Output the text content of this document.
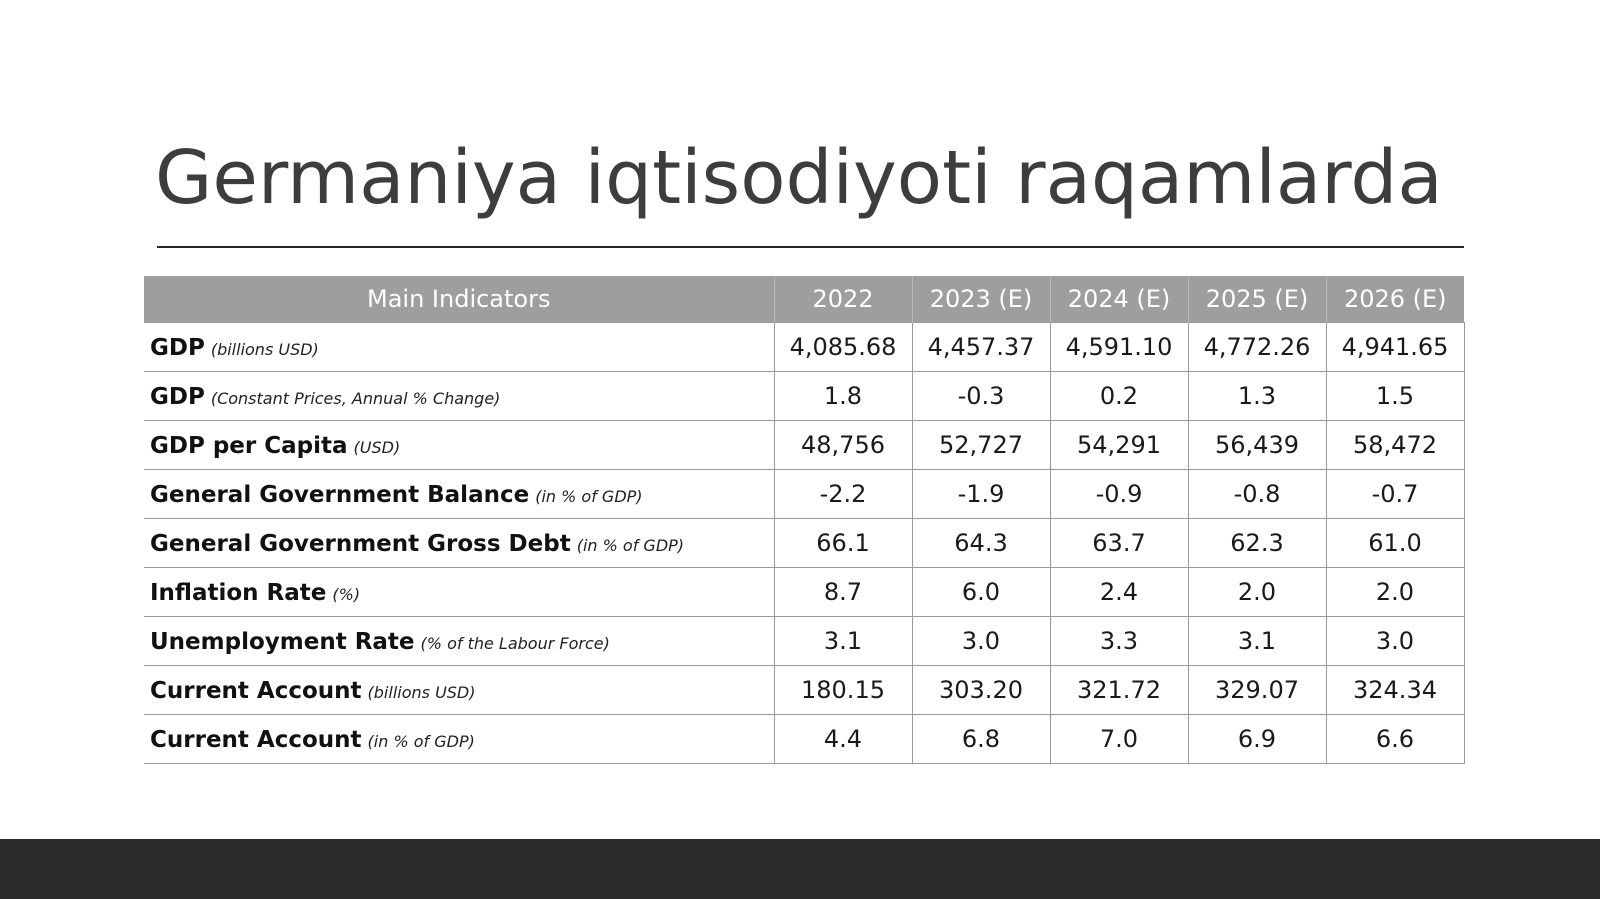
Germaniya iqtisodiyoti raqamlarda
Main Indicators	2022	2023 (E)	2024 (E)	2025 (E)	2026 (E)
GDP (billions USD)	4,085.68	4,457.37	4,591.10	4,772.26	4,941.65
GDP (Constant Prices, Annual % Change)	1.8	-0.3	0.2	1.3	1.5
GDP per Capita (USD)	48,756	52,727	54,291	56,439	58,472
General Government Balance (in % of GDP)	-2.2	-1.9	-0.9	-0.8	-0.7
General Government Gross Debt (in % of GDP)	66.1	64.3	63.7	62.3	61.0
Inflation Rate (%)	8.7	6.0	2.4	2.0	2.0
Unemployment Rate (% of the Labour Force)	3.1	3.0	3.3	3.1	3.0
Current Account (billions USD)	180.15	303.20	321.72	329.07	324.34
Current Account (in % of GDP)	4.4	6.8	7.0	6.9	6.6
